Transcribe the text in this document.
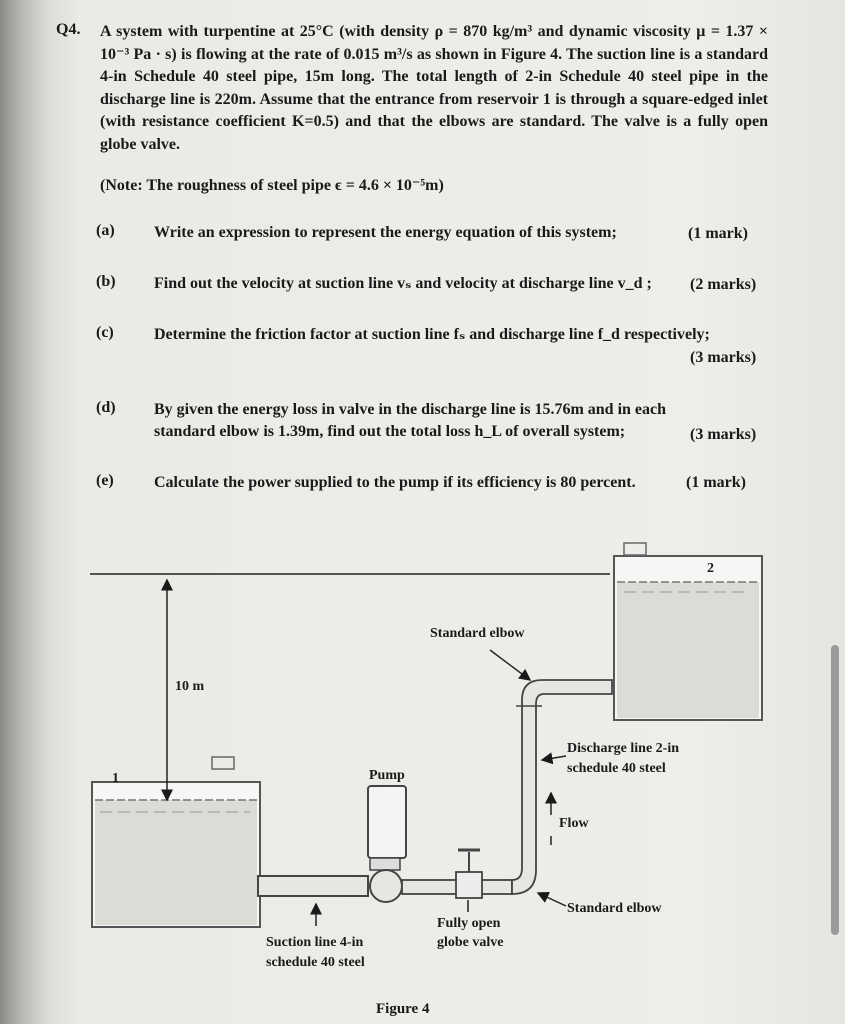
Q4. A system with turpentine at 25°C (with density ρ = 870 kg/m³ and dynamic viscosity μ = 1.37 × 10⁻³ Pa · s) is flowing at the rate of 0.015 m³/s as shown in Figure 4. The suction line is a standard 4-in Schedule 40 steel pipe, 15m long. The total length of 2-in Schedule 40 steel pipe in the discharge line is 220m. Assume that the entrance from reservoir 1 is through a square-edged inlet (with resistance coefficient K=0.5) and that the elbows are standard. The valve is a fully open globe valve.
(Note: The roughness of steel pipe ϵ = 4.6 × 10⁻⁵m)
(a) Write an expression to represent the energy equation of this system;	(1 mark)
(b) Find out the velocity at suction line vₛ and velocity at discharge line v_d ;	(2 marks)
(c)	Determine the friction factor at suction line fₛ and discharge line f_d respectively;
(3 marks)
(d) By given the energy loss in valve in the discharge line is 15.76m and in each standard elbow is 1.39m, find out the total loss h_L of overall system;	(3 marks)
(e)	Calculate the power supplied to the pump if its efficiency is 80 percent.	(1 mark)
2
1
10 m
Pump
Standard elbow
Discharge line 2-in
schedule 40 steel
Flow
Standard elbow
Suction line 4-in
schedule 40 steel
Fully open
globe valve
Figure 4
